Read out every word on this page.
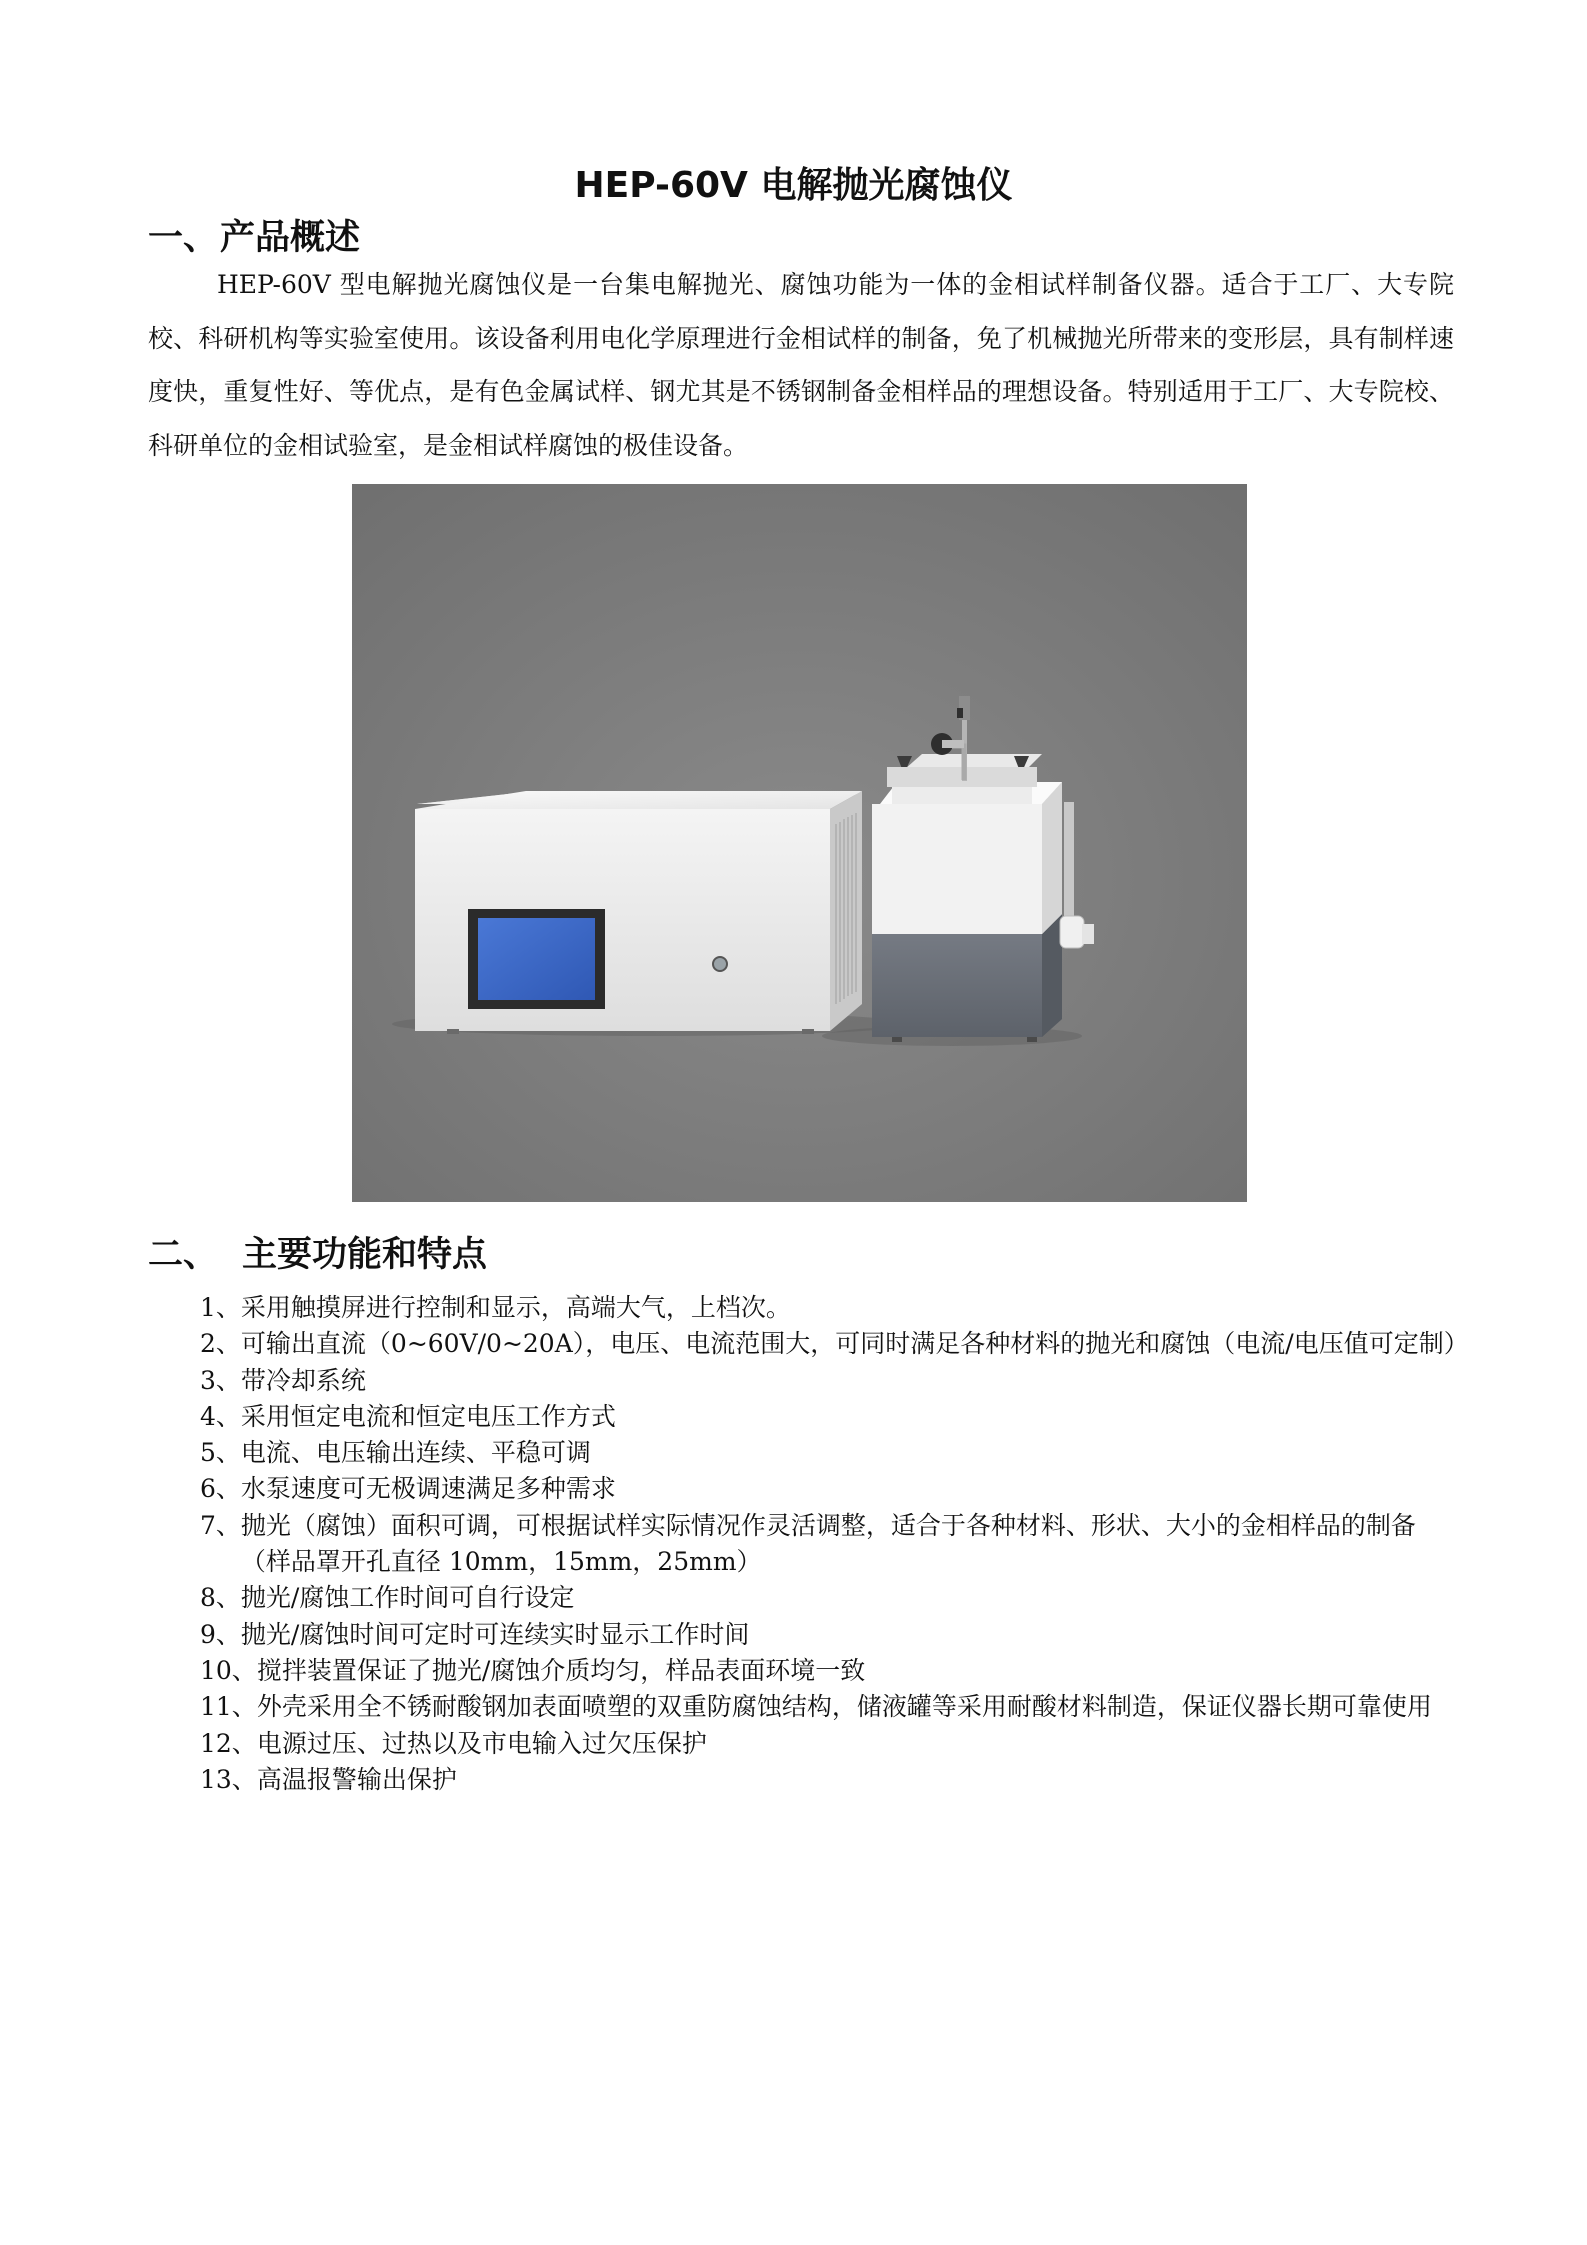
HEP-60V 电解抛光腐蚀仪
一、产品概述

HEP-60V 型电解抛光腐蚀仪是一台集电解抛光、腐蚀功能为一体的金相试样制备仪器。适合于工厂、大专院校、科研机构等实验室使用。该设备利用电化学原理进行金相试样的制备，免了机械抛光所带来的变形层，具有制样速度快，重复性好、等优点，是有色金属试样、钢尤其是不锈钢制备金相样品的理想设备。特别适用于工厂、大专院校、科研单位的金相试验室，是金相试样腐蚀的极佳设备。

二、 主要功能和特点
1、 采用触摸屏进行控制和显示，高端大气，上档次。
2、 可输出直流（0~60V/0~20A），电压、电流范围大，可同时满足各种材料的抛光和腐蚀（电流/电压值可定制）
3、 带冷却系统
4、 采用恒定电流和恒定电压工作方式
5、 电流、电压输出连续、平稳可调
6、 水泵速度可无极调速满足多种需求
7、 抛光（腐蚀）面积可调，可根据试样实际情况作灵活调整，适合于各种材料、形状、大小的金相样品的制备（样品罩开孔直径 10mm，15mm，25mm）
8、 抛光/腐蚀工作时间可自行设定
9、 抛光/腐蚀时间可定时可连续实时显示工作时间
10、 搅拌装置保证了抛光/腐蚀介质均匀，样品表面环境一致
11、 外壳采用全不锈耐酸钢加表面喷塑的双重防腐蚀结构，储液罐等采用耐酸材料制造，保证仪器长期可靠使用
12、 电源过压、过热以及市电输入过欠压保护
13、 高温报警输出保护
